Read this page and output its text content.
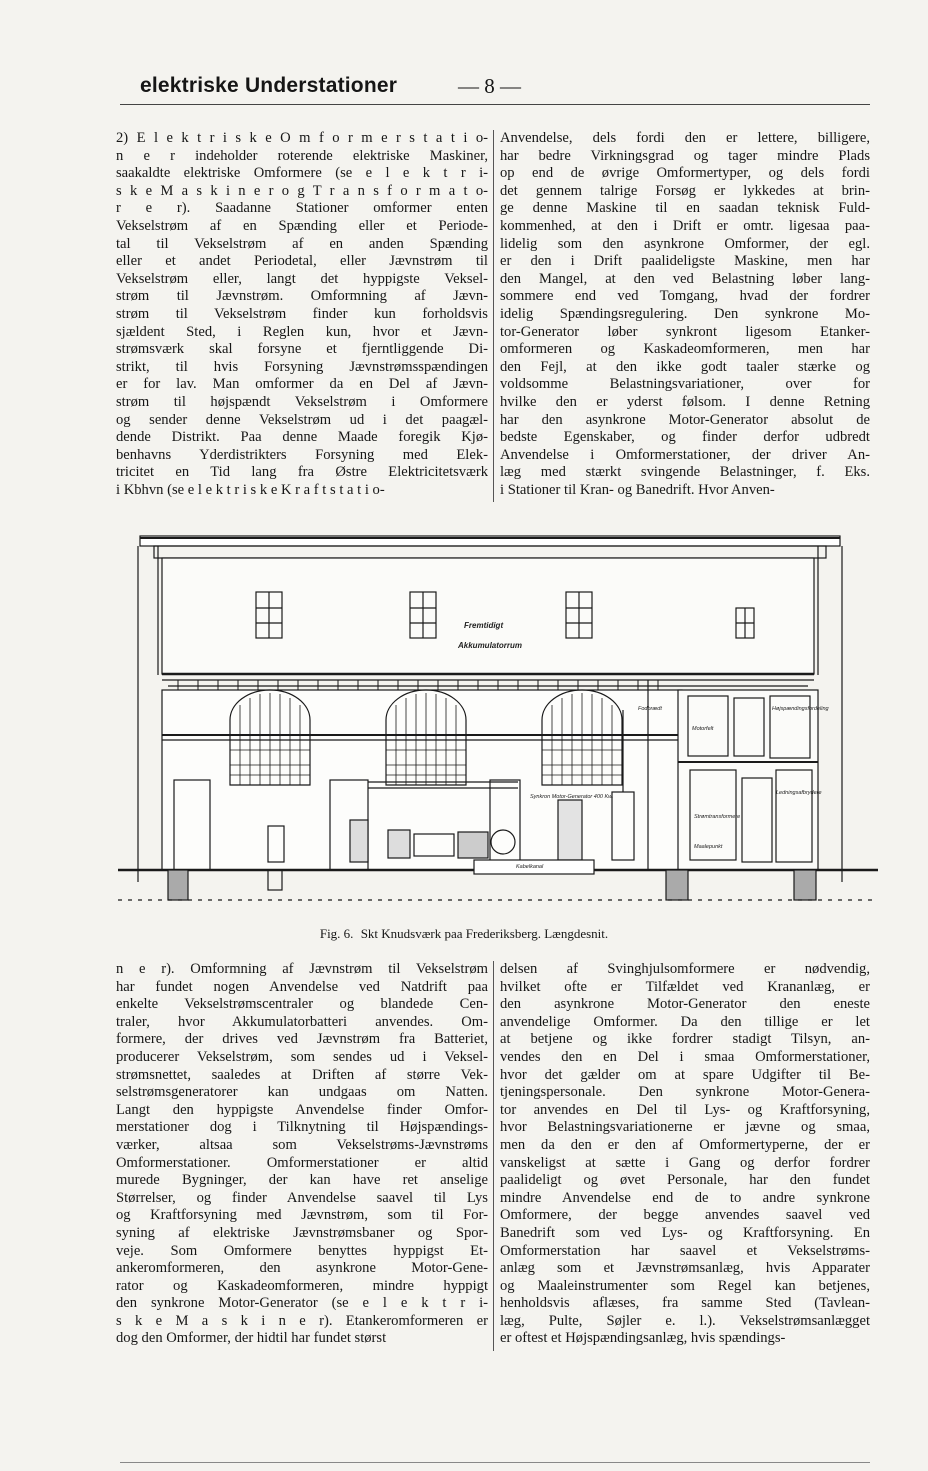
elektriske Understationer	— 8 —
2) E l e k t r i s k e O m f o r m e r s t a t i o-
n e r indeholder roterende elektriske Maskiner,
saakaldte elektriske Omformere (se e l e k t r i-
s k e M a s k i n e r o g T r a n s f o r m a t o-
r e r). Saadanne Stationer omformer enten
Vekselstrøm af en Spænding eller et Periode-
tal til Vekselstrøm af en anden Spænding
eller et andet Periodetal, eller Jævnstrøm til
Vekselstrøm eller, langt det hyppigste Veksel-
strøm til Jævnstrøm. Omformning af Jævn-
strøm til Vekselstrøm finder kun forholdsvis
sjældent Sted, i Reglen kun, hvor et Jævn-
strømsværk skal forsyne et fjerntliggende Di-
strikt, til hvis Forsyning Jævnstrømsspændingen
er for lav. Man omformer da en Del af Jævn-
strøm til højspændt Vekselstrøm i Omformere
og sender denne Vekselstrøm ud i det paagæl-
dende Distrikt. Paa denne Maade foregik Kjø-
benhavns Yderdistrikters Forsyning med Elek-
tricitet en Tid lang fra Østre Elektricitetsværk
i Kbhvn (se e l e k t r i s k e K r a f t s t a t i o-
Anvendelse, dels fordi den er lettere, billigere,
har bedre Virkningsgrad og tager mindre Plads
op end de øvrige Omformertyper, og dels fordi
det gennem talrige Forsøg er lykkedes at brin-
ge denne Maskine til en saadan teknisk Fuld-
kommenhed, at den i Drift er omtr. ligesaa paa-
lidelig som den asynkrone Omformer, der egl.
er den i Drift paalideligste Maskine, men har
den Mangel, at den ved Belastning løber lang-
sommere end ved Tomgang, hvad der fordrer
idelig Spændingsregulering. Den synkrone Mo-
tor-Generator løber synkront ligesom Etanker-
omformeren og Kaskadeomformeren, men har
den Fejl, at den ikke godt taaler stærke og
voldsomme Belastningsvariationer, over for
hvilke den er yderst følsom. I denne Retning
har den asynkrone Motor-Generator absolut de
bedste Egenskaber, og finder derfor udbredt
Anvendelse i Omformerstationer, der driver An-
læg med stærkt svingende Belastninger, f. Eks.
i Stationer til Kran- og Banedrift. Hvor Anven-
Fremtidigt
Akkumulatorrum
Synkron Motor-Generator 400 Kw.
Kabelkanal
Fodbrædt
Motorfelt
Højspændingsfordeling
Ledningsafbrydere
Strømtransformere
Maalepunkt
Fig. 6. Skt Knudsværk paa Frederiksberg. Længdesnit.
n e r). Omformning af Jævnstrøm til Vekselstrøm
har fundet nogen Anvendelse ved Natdrift paa
enkelte Vekselstrømscentraler og blandede Cen-
traler, hvor Akkumulatorbatteri anvendes. Om-
formere, der drives ved Jævnstrøm fra Batteriet,
producerer Vekselstrøm, som sendes ud i Veksel-
strømsnettet, saaledes at Driften af større Vek-
selstrømsgeneratorer kan undgaas om Natten.
Langt den hyppigste Anvendelse finder Omfor-
merstationer dog i Tilknytning til Højspændings-
værker, altsaa som Vekselstrøms-Jævnstrøms
Omformerstationer. Omformerstationer er altid
murede Bygninger, der kan have ret anselige
Størrelser, og finder Anvendelse saavel til Lys
og Kraftforsyning med Jævnstrøm, som til For-
syning af elektriske Jævnstrømsbaner og Spor-
veje. Som Omformere benyttes hyppigst Et-
ankeromformeren, den asynkrone Motor-Gene-
rator og Kaskadeomformeren, mindre hyppigt
den synkrone Motor-Generator (se e l e k t r i-
s k e M a s k i n e r). Etankeromformeren er
dog den Omformer, der hidtil har fundet størst
delsen af Svinghjulsomformere er nødvendig,
hvilket ofte er Tilfældet ved Krananlæg, er
den asynkrone Motor-Generator den eneste
anvendelige Omformer. Da den tillige er let
at betjene og ikke fordrer stadigt Tilsyn, an-
vendes den en Del i smaa Omformerstationer,
hvor det gælder om at spare Udgifter til Be-
tjeningspersonale. Den synkrone Motor-Genera-
tor anvendes en Del til Lys- og Kraftforsyning,
hvor Belastningsvariationerne er jævne og smaa,
men da den er den af Omformertyperne, der er
vanskeligst at sætte i Gang og derfor fordrer
paalideligt og øvet Personale, har den fundet
mindre Anvendelse end de to andre synkrone
Omformere, der begge anvendes saavel ved
Banedrift som ved Lys- og Kraftforsyning. En
Omformerstation har saavel et Vekselstrøms-
anlæg som et Jævnstrømsanlæg, hvis Apparater
og Maaleinstrumenter som Regel kan betjenes,
henholdsvis aflæses, fra samme Sted (Tavlean-
læg, Pulte, Søjler e. l.). Vekselstrømsanlægget
er oftest et Højspændingsanlæg, hvis spændings-
